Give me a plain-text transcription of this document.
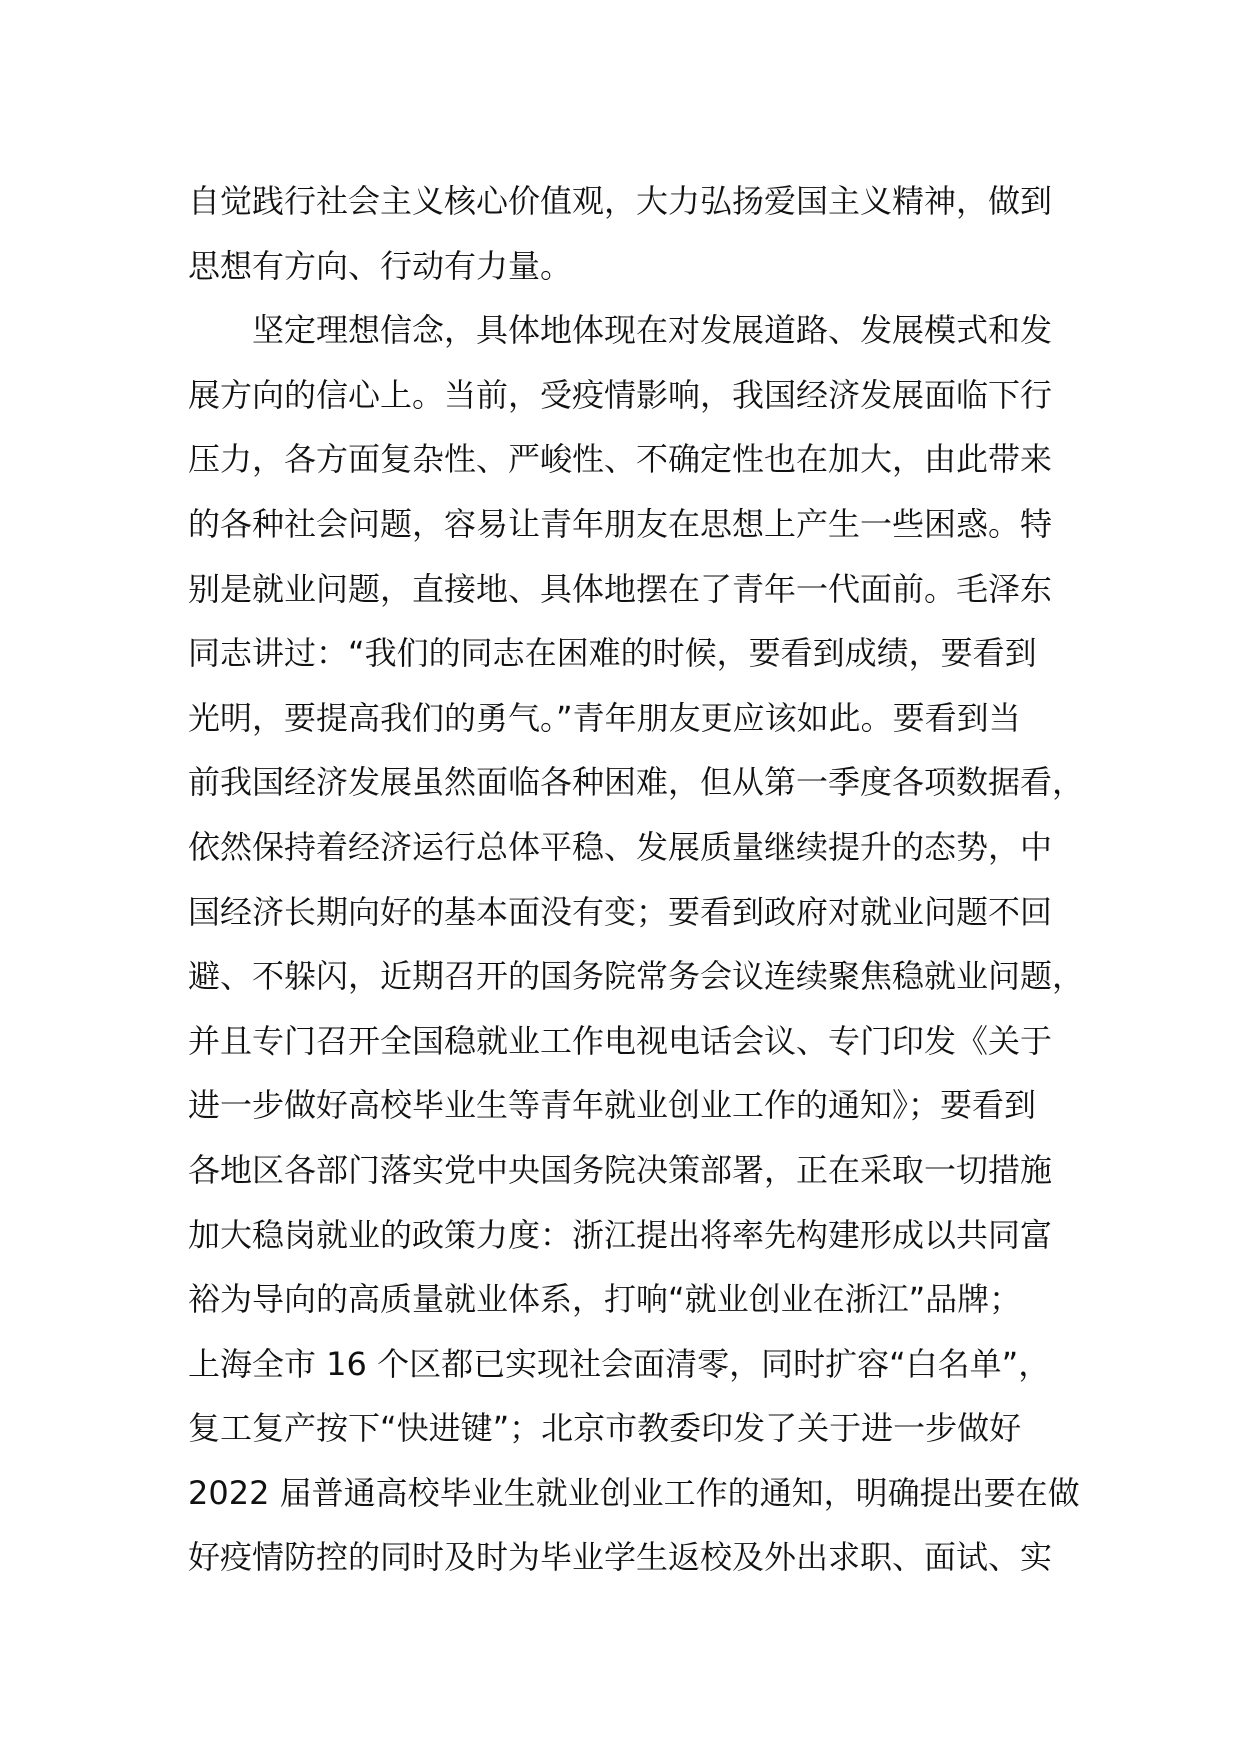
自觉践行社会主义核心价值观，大力弘扬爱国主义精神，做到
思想有方向、行动有力量。
　　坚定理想信念，具体地体现在对发展道路、发展模式和发
展方向的信心上。当前，受疫情影响，我国经济发展面临下行
压力，各方面复杂性、严峻性、不确定性也在加大，由此带来
的各种社会问题，容易让青年朋友在思想上产生一些困惑。特
别是就业问题，直接地、具体地摆在了青年一代面前。毛泽东
同志讲过：“我们的同志在困难的时候，要看到成绩，要看到
光明，要提高我们的勇气。”青年朋友更应该如此。要看到当
前我国经济发展虽然面临各种困难，但从第一季度各项数据看，
依然保持着经济运行总体平稳、发展质量继续提升的态势，中
国经济长期向好的基本面没有变；要看到政府对就业问题不回
避、不躲闪，近期召开的国务院常务会议连续聚焦稳就业问题，
并且专门召开全国稳就业工作电视电话会议、专门印发《关于
进一步做好高校毕业生等青年就业创业工作的通知》；要看到
各地区各部门落实党中央国务院决策部署，正在采取一切措施
加大稳岗就业的政策力度：浙江提出将率先构建形成以共同富
裕为导向的高质量就业体系，打响“就业创业在浙江”品牌；
上海全市 16 个区都已实现社会面清零，同时扩容“白名单”，
复工复产按下“快进键”；北京市教委印发了关于进一步做好
2022 届普通高校毕业生就业创业工作的通知，明确提出要在做
好疫情防控的同时及时为毕业学生返校及外出求职、面试、实
